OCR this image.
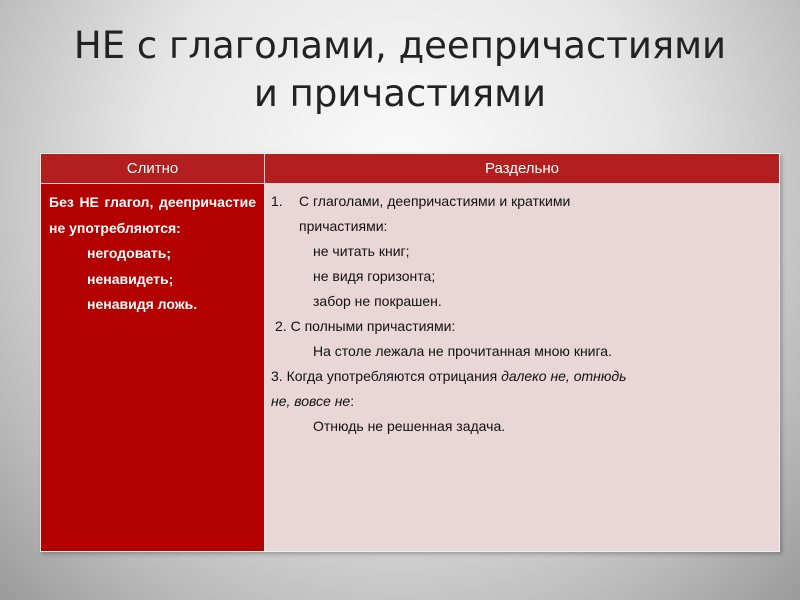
НЕ с глаголами, деепричастиями
и причастиями
Слитно	Раздельно
Без НЕ глагол, деепричастие не употребляются:
негодовать;
ненавидеть;
ненавидя ложь.
1.	С глаголами, деепричастиями и краткими
причастиями:
не читать книг;
не видя горизонта;
забор не покрашен.
2. С полными причастиями:
На столе лежала не прочитанная мною книга.
3. Когда употребляются отрицания далеко не, отнюдь
не, вовсе не:
Отнюдь не решенная задача.
